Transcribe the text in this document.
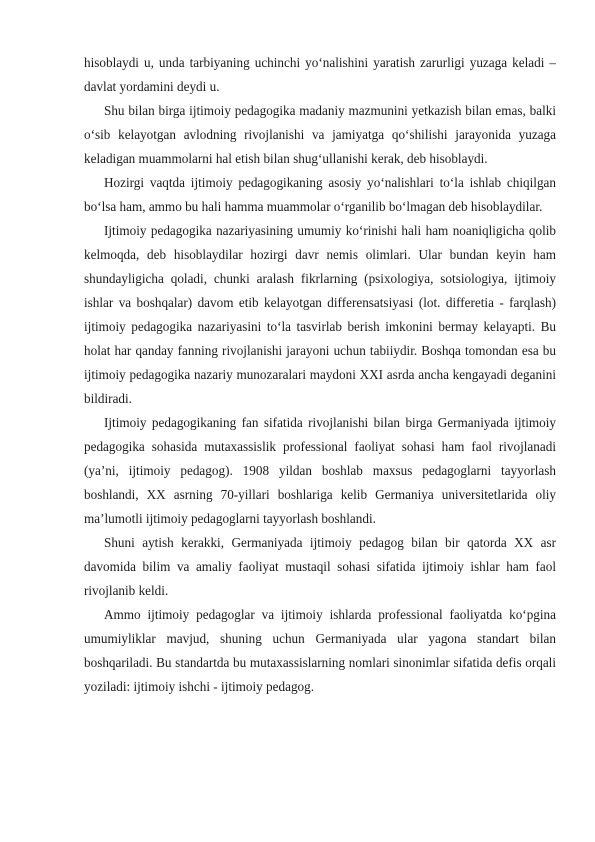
hisoblaydi u, unda tarbiyaning uchinchi yo‘nalishini yaratish zarurligi yuzaga keladi – davlat yordamini deydi u.

Shu bilan birga ijtimoiy pedagogika madaniy mazmunini yetkazish bilan emas, balki o‘sib kelayotgan avlodning rivojlanishi va jamiyatga qo‘shilishi jarayonida yuzaga keladigan muammolarni hal etish bilan shug‘ullanishi kerak, deb hisoblaydi.

Hozirgi vaqtda ijtimoiy pedagogikaning asosiy yo‘nalishlari to‘la ishlab chiqilgan bo‘lsa ham, ammo bu hali hamma muammolar o‘rganilib bo‘lmagan deb hisoblaydilar.

Ijtimoiy pedagogika nazariyasining umumiy ko‘rinishi hali ham noaniqligicha qolib kelmoqda, deb hisoblaydilar hozirgi davr nemis olimlari. Ular bundan keyin ham shundayligicha qoladi, chunki aralash fikrlarning (psixologiya, sotsiologiya, ijtimoiy ishlar va boshqalar) davom etib kelayotgan differensatsiyasi (lot. differetia - farqlash) ijtimoiy pedagogika nazariyasini to‘la tasvirlab berish imkonini bermay kelayapti. Bu holat har qanday fanning rivojlanishi jarayoni uchun tabiiydir. Boshqa tomondan esa bu ijtimoiy pedagogika nazariy munozaralari maydoni XXI asrda ancha kengayadi deganini bildiradi.

Ijtimoiy pedagogikaning fan sifatida rivojlanishi bilan birga Germaniyada ijtimoiy pedagogika sohasida mutaxassislik professional faoliyat sohasi ham faol rivojlanadi (ya’ni, ijtimoiy pedagog). 1908 yildan boshlab maxsus pedagoglarni tayyorlash boshlandi, XX asrning 70-yillari boshlariga kelib Germaniya universitetlarida oliy ma’lumotli ijtimoiy pedagoglarni tayyorlash boshlandi.

Shuni aytish kerakki, Germaniyada ijtimoiy pedagog bilan bir qatorda XX asr davomida bilim va amaliy faoliyat mustaqil sohasi sifatida ijtimoiy ishlar ham faol rivojlanib keldi.

Ammo ijtimoiy pedagoglar va ijtimoiy ishlarda professional faoliyatda ko‘pgina umumiyliklar mavjud, shuning uchun Germaniyada ular yagona standart bilan boshqariladi. Bu standartda bu mutaxassislarning nomlari sinonimlar sifatida defis orqali yoziladi: ijtimoiy ishchi - ijtimoiy pedagog.
